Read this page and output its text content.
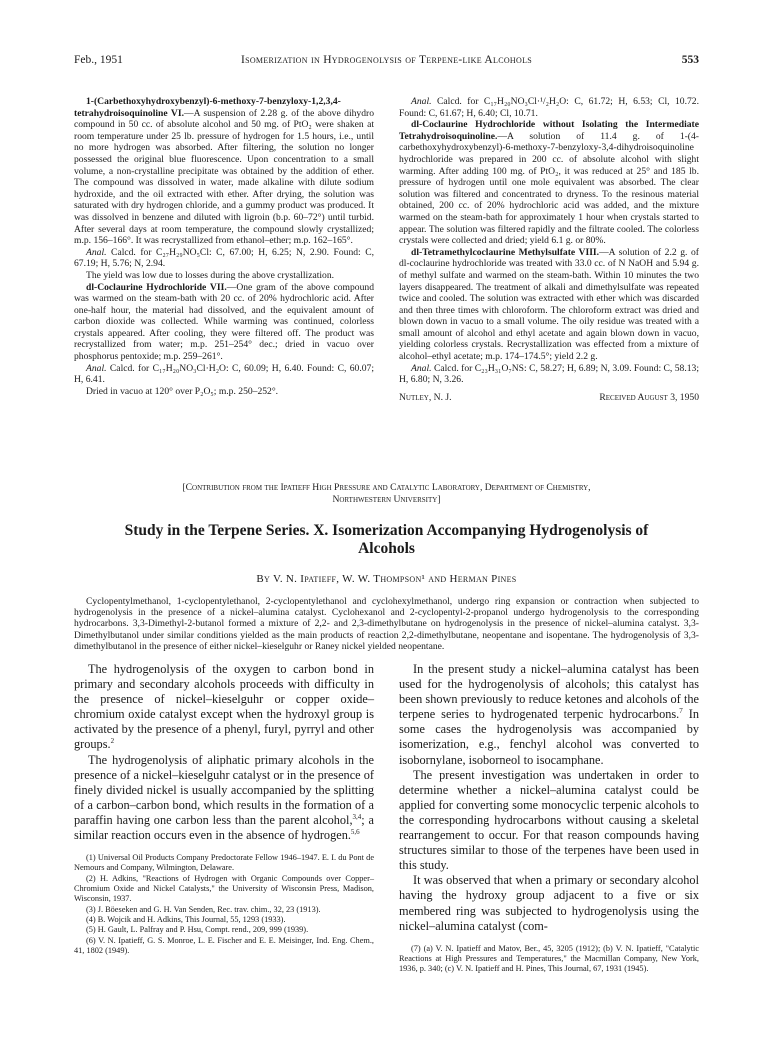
Feb., 1951	Isomerization in Hydrogenolysis of Terpene-like Alcohols	553

1-(Carbethoxyhydroxybenzyl)-6-methoxy-7-benzyloxy-1,2,3,4-tetrahydroisoquinoline VI.—A suspension of 2.28 g. of the above dihydro compound in 50 cc. of absolute alcohol and 50 mg. of PtO₂ were shaken at room temperature under 25 lb. pressure of hydrogen for 1.5 hours, i.e., until no more hydrogen was absorbed. After filtering, the solution no longer possessed the original blue fluorescence. Upon concentration to a small volume, a non-crystalline precipitate was obtained by the addition of ether. The compound was dissolved in water, made alkaline with dilute sodium hydroxide, and the oil extracted with ether. After drying, the solution was saturated with dry hydrogen chloride, and a gummy product was produced. It was dissolved in benzene and diluted with ligroin (b.p. 60–72°) until turbid. After several days at room temperature, the compound slowly crystallized; m.p. 156–166°. It was recrystallized from ethanol–ether; m.p. 162–165°.

Anal. Calcd. for C₂₇H₂₉NO₅Cl: C, 67.00; H, 6.25; N, 2.90. Found: C, 67.19; H, 5.76; N, 2.94.

The yield was low due to losses during the above crystallization.

dl-Coclaurine Hydrochloride VII.—One gram of the above compound was warmed on the steam-bath with 20 cc. of 20% hydrochloric acid. After one-half hour, the material had dissolved, and the equivalent amount of carbon dioxide was collected. While warming was continued, colorless crystals appeared. After cooling, they were filtered off. The product was recrystallized from water; m.p. 251–254° dec.; dried in vacuo over phosphorus pentoxide; m.p. 259–261°.

Anal. Calcd. for C₁₇H₂₀NO₃Cl·H₂O: C, 60.09; H, 6.40. Found: C, 60.07; H, 6.41.

Dried in vacuo at 120° over P₂O₅; m.p. 250–252°.

Anal. Calcd. for C₁₇H₂₀NO₃Cl·¹/₂H₂O: C, 61.72; H, 6.53; Cl, 10.72. Found: C, 61.67; H, 6.40; Cl, 10.71.

dl-Coclaurine Hydrochloride without Isolating the Intermediate Tetrahydroisoquinoline.—A solution of 11.4 g. of 1-(4-carbethoxyhydroxybenzyl)-6-methoxy-7-benzyloxy-3,4-dihydroisoquinoline hydrochloride was prepared in 200 cc. of absolute alcohol with slight warming. After adding 100 mg. of PtO₂, it was reduced at 25° and 185 lb. pressure of hydrogen until one mole equivalent was absorbed. The clear solution was filtered and concentrated to dryness. To the resinous material obtained, 200 cc. of 20% hydrochloric acid was added, and the mixture warmed on the steam-bath for approximately 1 hour when crystals started to appear. The solution was filtered rapidly and the filtrate cooled. The colorless crystals were collected and dried; yield 6.1 g. or 80%.

dl-Tetramethylcoclaurine Methylsulfate VIII.—A solution of 2.2 g. of dl-coclaurine hydrochloride was treated with 33.0 cc. of N NaOH and 5.94 g. of methyl sulfate and warmed on the steam-bath. Within 10 minutes the two layers disappeared. The treatment of alkali and dimethylsulfate was repeated twice and cooled. The solution was extracted with ether which was discarded and then three times with chloroform. The chloroform extract was dried and blown down in vacuo to a small volume. The oily residue was treated with a small amount of alcohol and ethyl acetate and again blown down in vacuo, yielding colorless crystals. Recrystallization was effected from a mixture of alcohol–ethyl acetate; m.p. 174–174.5°; yield 2.2 g.

Anal. Calcd. for C₂₃H₃₁O₇NS: C, 58.27; H, 6.89; N, 3.09. Found: C, 58.13; H, 6.80; N, 3.26.

Nutley, N. J.	Received August 3, 1950
[Contribution from the Ipatieff High Pressure and Catalytic Laboratory, Department of Chemistry,
Northwestern University]
Study in the Terpene Series. X. Isomerization Accompanying Hydrogenolysis of
Alcohols
By V. N. Ipatieff, W. W. Thompson¹ and Herman Pines
Cyclopentylmethanol, 1-cyclopentylethanol, 2-cyclopentylethanol and cyclohexylmethanol, undergo ring expansion or contraction when subjected to hydrogenolysis in the presence of a nickel–alumina catalyst. Cyclohexanol and 2-cyclopentyl-2-propanol undergo hydrogenolysis to the corresponding hydrocarbons. 3,3-Dimethyl-2-butanol formed a mixture of 2,2- and 2,3-dimethylbutane on hydrogenolysis in the presence of nickel–alumina catalyst. 3,3-Dimethylbutanol under similar conditions yielded as the main products of reaction 2,2-dimethylbutane, neopentane and isopentane. The hydrogenolysis of 3,3-dimethylbutanol in the presence of either nickel–kieselguhr or Raney nickel yielded neopentane.

The hydrogenolysis of the oxygen to carbon bond in primary and secondary alcohols proceeds with difficulty in the presence of nickel–kieselguhr or copper oxide–chromium oxide catalyst except when the hydroxyl group is activated by the presence of a phenyl, furyl, pyrryl and other groups.$^2$

The hydrogenolysis of aliphatic primary alcohols in the presence of a nickel–kieselguhr catalyst or in the presence of finely divided nickel is usually accompanied by the splitting of a carbon–carbon bond, which results in the formation of a paraffin having one carbon less than the parent alcohol,$^{3,4}$; a similar reaction occurs even in the absence of hydrogen.$^{5,6}$

(1) Universal Oil Products Company Predoctorate Fellow 1946–1947. E. I. du Pont de Nemours and Company, Wilmington, Delaware.

(2) H. Adkins, "Reactions of Hydrogen with Organic Compounds over Copper–Chromium Oxide and Nickel Catalysts," the University of Wisconsin Press, Madison, Wisconsin, 1937.

(3) J. Böeseken and G. H. Van Senden, Rec. trav. chim., 32, 23 (1913).

(4) B. Wojcik and H. Adkins, This Journal, 55, 1293 (1933).

(5) H. Gault, L. Palfray and P. Hsu, Compt. rend., 209, 999 (1939).

(6) V. N. Ipatieff, G. S. Monroe, L. E. Fischer and E. E. Meisinger, Ind. Eng. Chem., 41, 1802 (1949).

In the present study a nickel–alumina catalyst has been used for the hydrogenolysis of alcohols; this catalyst has been shown previously to reduce ketones and alcohols of the terpene series to hydrogenated terpenic hydrocarbons.$^7$ In some cases the hydrogenolysis was accompanied by isomerization, e.g., fenchyl alcohol was converted to isobornylane, isoborneol to isocamphane.

The present investigation was undertaken in order to determine whether a nickel–alumina catalyst could be applied for converting some monocyclic terpenic alcohols to the corresponding hydrocarbons without causing a skeletal rearrangement to occur. For that reason compounds having structures similar to those of the terpenes have been used in this study.

It was observed that when a primary or secondary alcohol having the hydroxy group adjacent to a five or six membered ring was subjected to hydrogenolysis using the nickel–alumina catalyst (com-

(7) (a) V. N. Ipatieff and Matov, Ber., 45, 3205 (1912); (b) V. N. Ipatieff, "Catalytic Reactions at High Pressures and Temperatures," the Macmillan Company, New York, 1936, p. 340; (c) V. N. Ipatieff and H. Pines, This Journal, 67, 1931 (1945).
